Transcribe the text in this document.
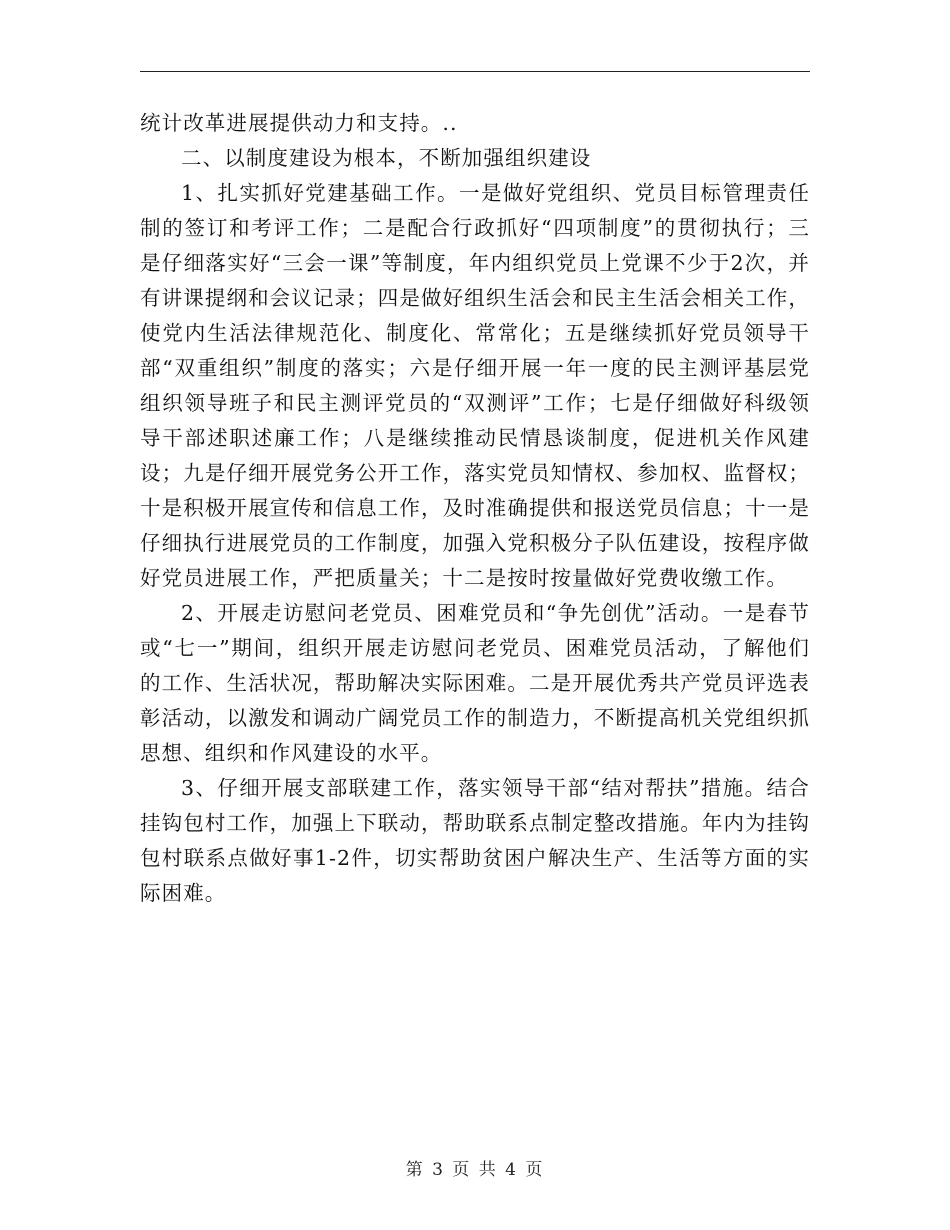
统计改革进展提供动力和支持。..

二、以制度建设为根本，不断加强组织建设

1、扎实抓好党建基础工作。一是做好党组织、党员目标管理责任制的签订和考评工作；二是配合行政抓好“四项制度”的贯彻执行；三是仔细落实好“三会一课”等制度，年内组织党员上党课不少于2次，并有讲课提纲和会议记录；四是做好组织生活会和民主生活会相关工作，使党内生活法律规范化、制度化、常常化；五是继续抓好党员领导干部“双重组织”制度的落实；六是仔细开展一年一度的民主测评基层党组织领导班子和民主测评党员的“双测评”工作；七是仔细做好科级领导干部述职述廉工作；八是继续推动民情恳谈制度，促进机关作风建设；九是仔细开展党务公开工作，落实党员知情权、参加权、监督权；十是积极开展宣传和信息工作，及时准确提供和报送党员信息；十一是仔细执行进展党员的工作制度，加强入党积极分子队伍建设，按程序做好党员进展工作，严把质量关；十二是按时按量做好党费收缴工作。

2、开展走访慰问老党员、困难党员和“争先创优”活动。一是春节或“七一”期间，组织开展走访慰问老党员、困难党员活动，了解他们的工作、生活状况，帮助解决实际困难。二是开展优秀共产党员评选表彰活动，以激发和调动广阔党员工作的制造力，不断提高机关党组织抓思想、组织和作风建设的水平。

3、仔细开展支部联建工作，落实领导干部“结对帮扶”措施。结合挂钩包村工作，加强上下联动，帮助联系点制定整改措施。年内为挂钩包村联系点做好事1-2件，切实帮助贫困户解决生产、生活等方面的实际困难。

第 3 页 共 4 页
